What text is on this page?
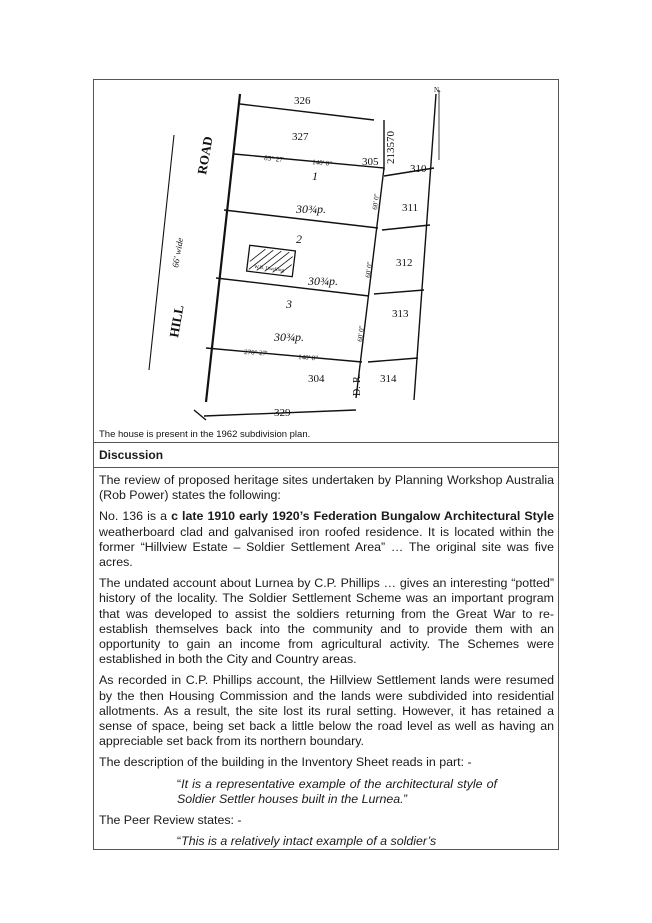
326
327
305
310
311
312
313
304	314
329
213570
1
2
3
30¾p.
30¾p.
30¾p.
ROAD
HILL
66' wide
D.-R.
N.
85° 27'
270° 27'
140' 0"
140' 0"
60' 0"
60' 0"
60' 0"
W.B. Dwelling
The house is present in the 1962 subdivision plan.
Discussion

The review of proposed heritage sites undertaken by Planning Workshop Australia (Rob Power) states the following:

No. 136 is a c late 1910 early 1920’s Federation Bungalow Architectural Style weatherboard clad and galvanised iron roofed residence. It is located within the former “Hillview Estate – Soldier Settlement Area” … The original site was five acres.

The undated account about Lurnea by C.P. Phillips … gives an interesting “potted” history of the locality. The Soldier Settlement Scheme was an important program that was developed to assist the soldiers returning from the Great War to re-establish themselves back into the community and to provide them with an opportunity to gain an income from agricultural activity. The Schemes were established in both the City and Country areas.

As recorded in C.P. Phillips account, the Hillview Settlement lands were resumed by the then Housing Commission and the lands were subdivided into residential allotments. As a result, the site lost its rural setting. However, it has retained a sense of space, being set back a little below the road level as well as having an appreciable set back from its northern boundary.

The description of the building in the Inventory Sheet reads in part: -

“It is a representative example of the architectural style of Soldier Settler houses built in the Lurnea.”

The Peer Review states: -

“This is a relatively intact example of a soldier’s
